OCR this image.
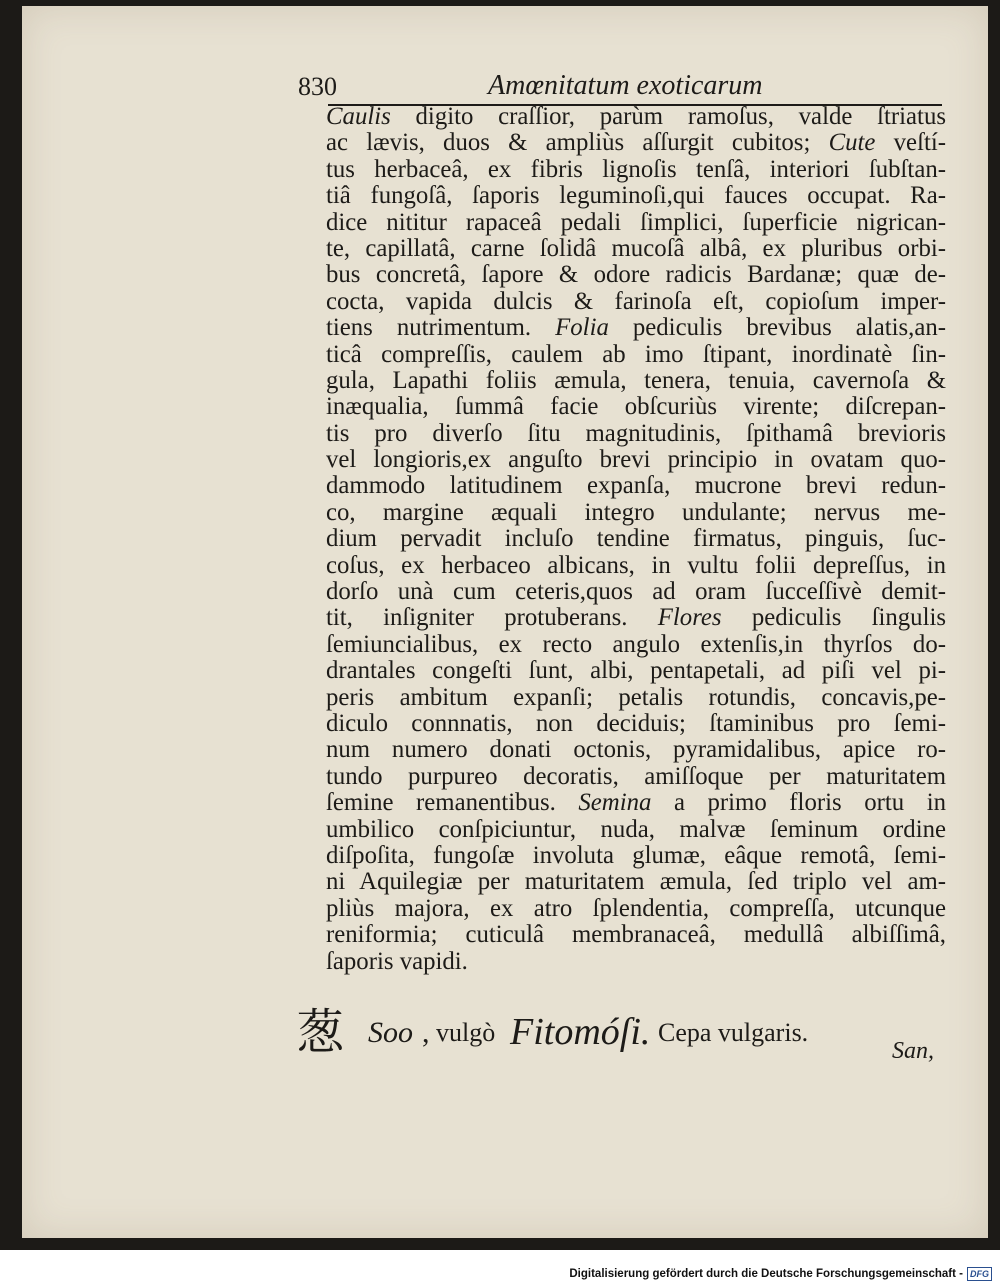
830	Amœnitatum exoticarum
Caulis digito craſſior, parùm ramoſus, valde ſtriatus
ac lævis, duos & ampliùs aſſurgit cubitos; Cute veſtí-
tus herbaceâ, ex fibris lignoſis tenſâ, interiori ſubſtan-
tiâ fungoſâ, ſaporis leguminoſi,qui fauces occupat. Ra-
dice nititur rapaceâ pedali ſimplici, ſuperficie nigrican-
te, capillatâ, carne ſolidâ mucoſâ albâ, ex pluribus orbi-
bus concretâ, ſapore & odore radicis Bardanæ; quæ de-
coсta, vapida dulcis & farinoſa eſt, copioſum imper-
tiens nutrimentum. Folia pediculis brevibus alatis,an-
ticâ compreſſis, caulem ab imo ſtipant, inordinatè ſin-
gula, Lapathi foliis æmula, tenera, tenuia, cavernoſa &
inæqualia, ſummâ facie obſcuriùs virente; diſcrepan-
tis pro diverſo ſitu magnitudinis, ſpithamâ brevioris
vel longioris,ex anguſto brevi principio in ovatam quo-
dammodo latitudinem expanſa, mucrone brevi redun-
co, margine æquali integro undulante; nervus me-
dium pervadit incluſo tendine firmatus, pinguis, ſuc-
coſus, ex herbaceo albicans, in vultu folii depreſſus, in
dorſo unà cum ceteris,quos ad oram ſucceſſivè demit-
tit, inſigniter protuberans. Flores pediculis ſingulis
ſemiuncialibus, ex recto angulo extenſis,in thyrſos do-
drantales congeſti ſunt, albi, pentapetali, ad piſi vel pi-
peris ambitum expanſi; petalis rotundis, concavis,pe-
diculo connnatis, non deciduis; ſtaminibus pro ſemi-
num numero donati octonis, pyramidalibus, apice ro-
tundo purpureo decoratis, amiſſoque per maturitatem
ſemine remanentibus. Semina a primo floris ortu in
umbilico conſpiciuntur, nuda, malvæ ſeminum ordine
diſpoſita, fungoſæ involuta glumæ, eâque remotâ, ſemi-
ni Aquilegiæ per maturitatem æmula, ſed triplo vel am-
pliùs majora, ex atro ſplendentia, compreſſa, utcunque
reniformia; cuticulâ membranaceâ, medullâ albiſſimâ,
ſaporis vapidi.
葱 Soo , vulgò Fitomóſi. Cepa vulgaris.
San,
Digitalisierung gefördert durch die Deutsche Forschungsgemeinschaft - DFG
